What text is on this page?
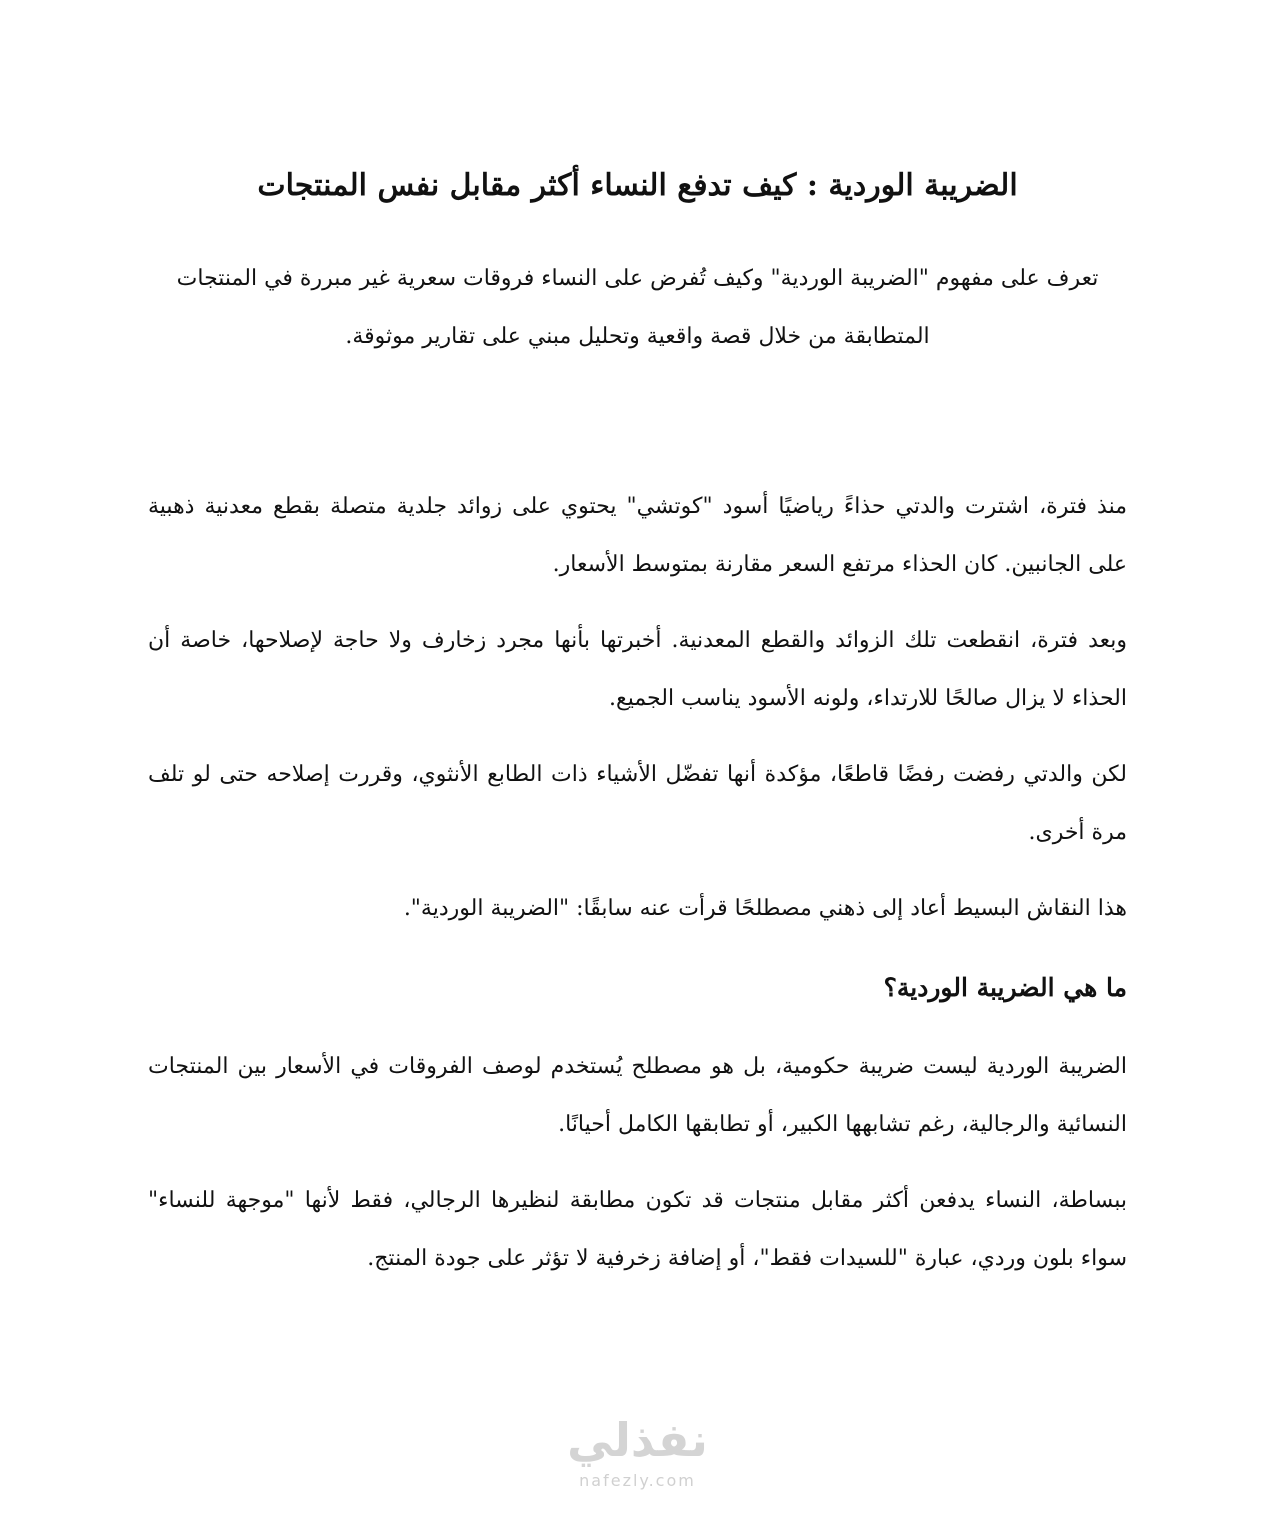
الضريبة الوردية : كيف تدفع النساء أكثر مقابل نفس المنتجات

تعرف على مفهوم "الضريبة الوردية" وكيف تُفرض على النساء فروقات سعرية غير مبررة في المنتجات المتطابقة من خلال قصة واقعية وتحليل مبني على تقارير موثوقة.

منذ فترة، اشترت والدتي حذاءً رياضيًا أسود "كوتشي" يحتوي على زوائد جلدية متصلة بقطع معدنية ذهبية على الجانبين. كان الحذاء مرتفع السعر مقارنة بمتوسط الأسعار.

وبعد فترة، انقطعت تلك الزوائد والقطع المعدنية. أخبرتها بأنها مجرد زخارف ولا حاجة لإصلاحها، خاصة أن الحذاء لا يزال صالحًا للارتداء، ولونه الأسود يناسب الجميع.

لكن والدتي رفضت رفضًا قاطعًا، مؤكدة أنها تفضّل الأشياء ذات الطابع الأنثوي، وقررت إصلاحه حتى لو تلف مرة أخرى.

هذا النقاش البسيط أعاد إلى ذهني مصطلحًا قرأت عنه سابقًا: "الضريبة الوردية".

ما هي الضريبة الوردية؟

الضريبة الوردية ليست ضريبة حكومية، بل هو مصطلح يُستخدم لوصف الفروقات في الأسعار بين المنتجات النسائية والرجالية، رغم تشابهها الكبير، أو تطابقها الكامل أحيانًا.

ببساطة، النساء يدفعن أكثر مقابل منتجات قد تكون مطابقة لنظيرها الرجالي، فقط لأنها "موجهة للنساء" سواء بلون وردي، عبارة "للسيدات فقط"، أو إضافة زخرفية لا تؤثر على جودة المنتج.

نفذلي
nafezly.com
